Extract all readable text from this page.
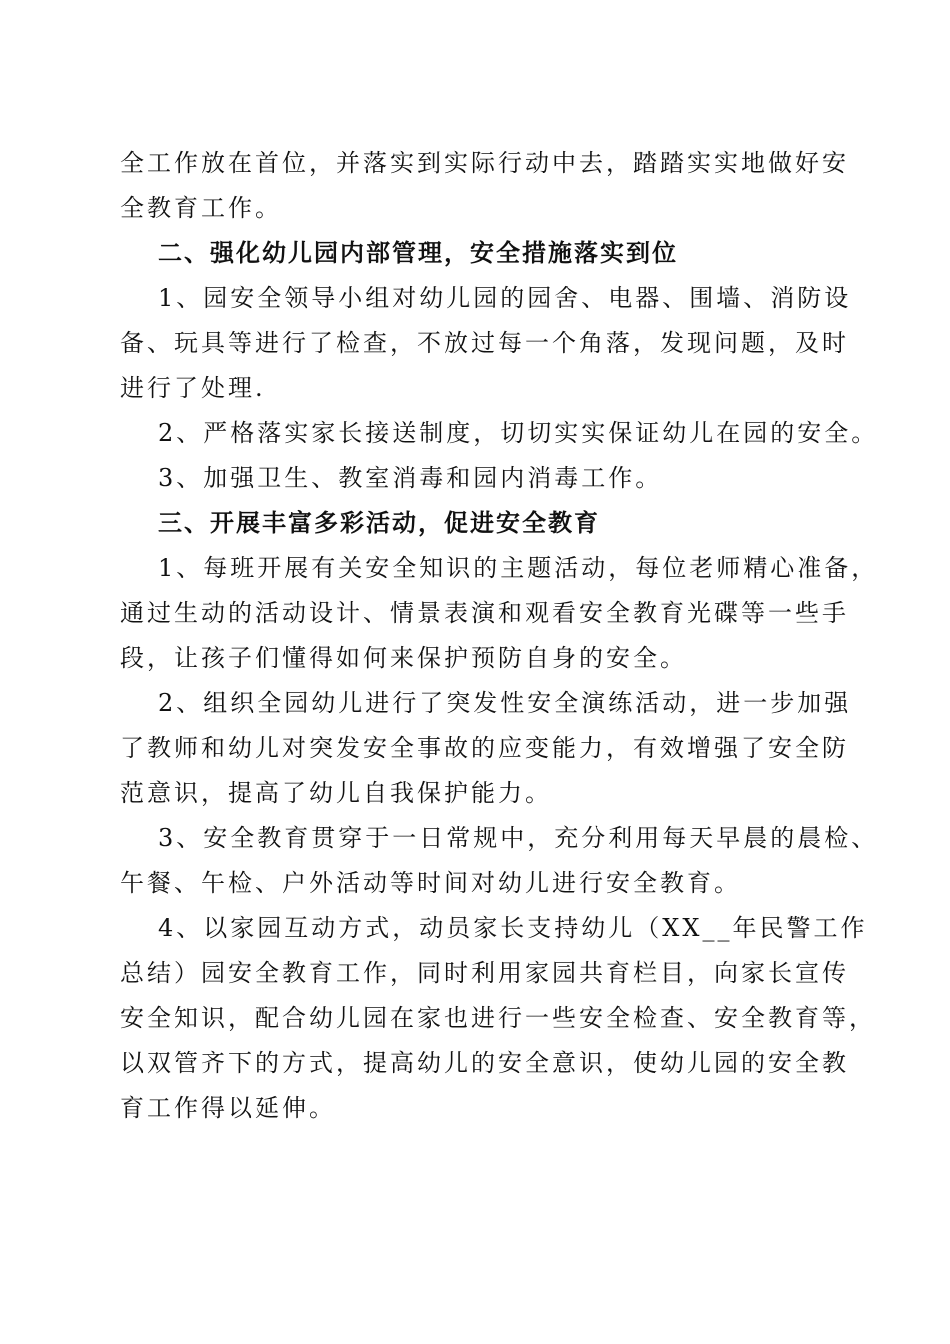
全工作放在首位，并落实到实际行动中去，踏踏实实地做好安
全教育工作。
二、强化幼儿园内部管理，安全措施落实到位
1、园安全领导小组对幼儿园的园舍、电器、围墙、消防设
备、玩具等进行了检查，不放过每一个角落，发现问题，及时
进行了处理.
2、严格落实家长接送制度，切切实实保证幼儿在园的安全。
3、加强卫生、教室消毒和园内消毒工作。
三、开展丰富多彩活动，促进安全教育
1、每班开展有关安全知识的主题活动，每位老师精心准备，
通过生动的活动设计、情景表演和观看安全教育光碟等一些手
段，让孩子们懂得如何来保护预防自身的安全。
2、组织全园幼儿进行了突发性安全演练活动，进一步加强
了教师和幼儿对突发安全事故的应变能力，有效增强了安全防
范意识，提高了幼儿自我保护能力。
3、安全教育贯穿于一日常规中，充分利用每天早晨的晨检、
午餐、午检、户外活动等时间对幼儿进行安全教育。
4、以家园互动方式，动员家长支持幼儿（XX__年民警工作
总结）园安全教育工作，同时利用家园共育栏目，向家长宣传
安全知识，配合幼儿园在家也进行一些安全检查、安全教育等，
以双管齐下的方式，提高幼儿的安全意识，使幼儿园的安全教
育工作得以延伸。
